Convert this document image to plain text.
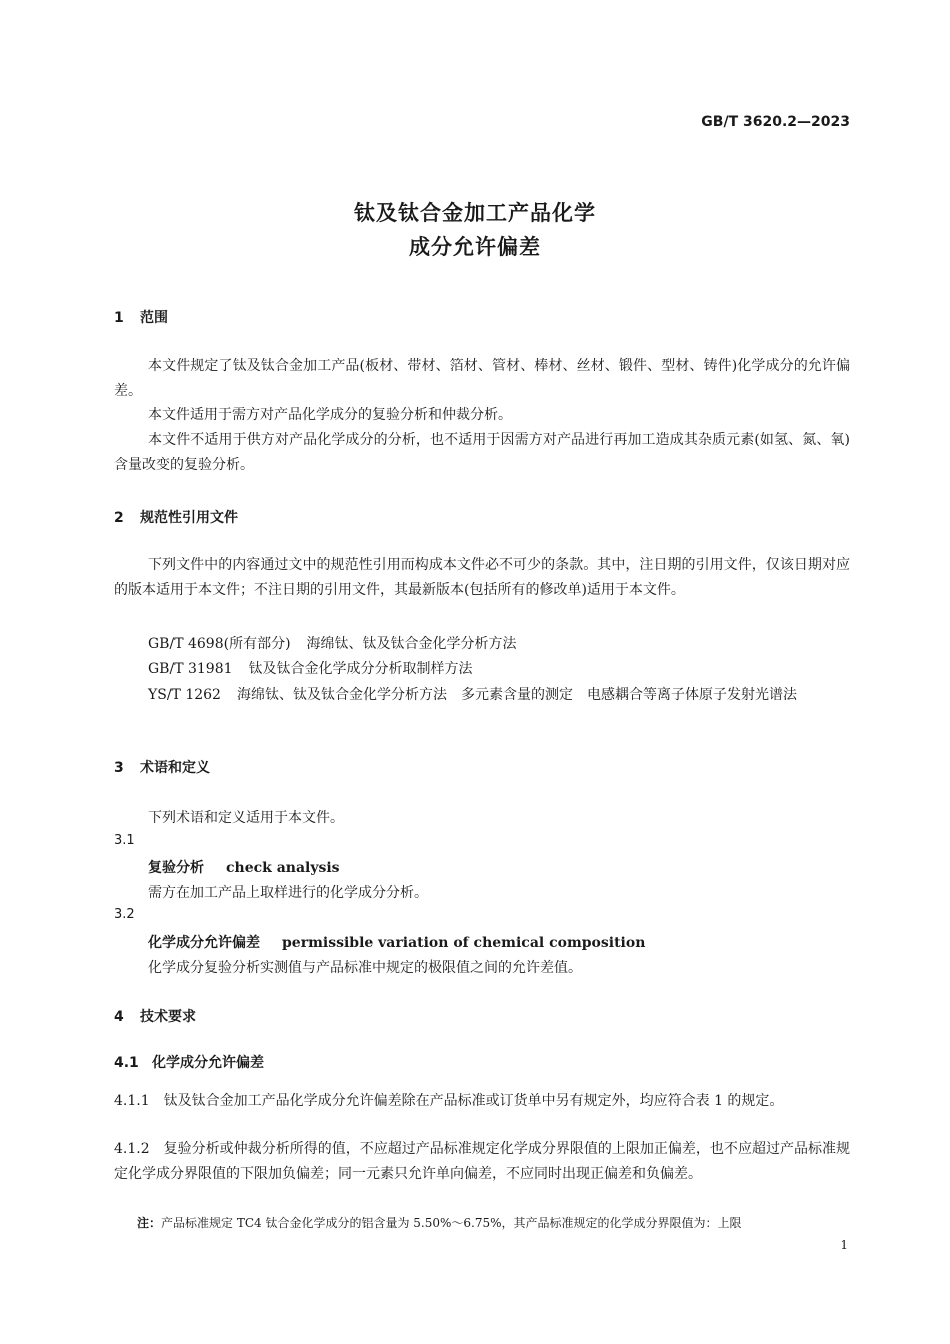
GB/T 3620.2—2023
钛及钛合金加工产品化学
成分允许偏差
1 范围
本文件规定了钛及钛合金加工产品(板材、带材、箔材、管材、棒材、丝材、锻件、型材、铸件)化学成分的允许偏差。
本文件适用于需方对产品化学成分的复验分析和仲裁分析。
本文件不适用于供方对产品化学成分的分析，也不适用于因需方对产品进行再加工造成其杂质元素(如氢、氮、氧)含量改变的复验分析。
2 规范性引用文件
下列文件中的内容通过文中的规范性引用而构成本文件必不可少的条款。其中，注日期的引用文件，仅该日期对应的版本适用于本文件；不注日期的引用文件，其最新版本(包括所有的修改单)适用于本文件。
GB/T 4698(所有部分) 海绵钛、钛及钛合金化学分析方法
GB/T 31981 钛及钛合金化学成分分析取制样方法
YS/T 1262 海绵钛、钛及钛合金化学分析方法　多元素含量的测定　电感耦合等离子体原子发射光谱法
3 术语和定义
下列术语和定义适用于本文件。
3.1
复验分析 check analysis
需方在加工产品上取样进行的化学成分分析。
3.2
化学成分允许偏差 permissible variation of chemical composition
化学成分复验分析实测值与产品标准中规定的极限值之间的允许差值。
4 技术要求
4.1 化学成分允许偏差
4.1.1　钛及钛合金加工产品化学成分允许偏差除在产品标准或订货单中另有规定外，均应符合表 1 的规定。
4.1.2　复验分析或仲裁分析所得的值，不应超过产品标准规定化学成分界限值的上限加正偏差，也不应超过产品标准规定化学成分界限值的下限加负偏差；同一元素只允许单向偏差，不应同时出现正偏差和负偏差。
注：产品标准规定 TC4 钛合金化学成分的铝含量为 5.50%～6.75%，其产品标准规定的化学成分界限值为：上限
1
